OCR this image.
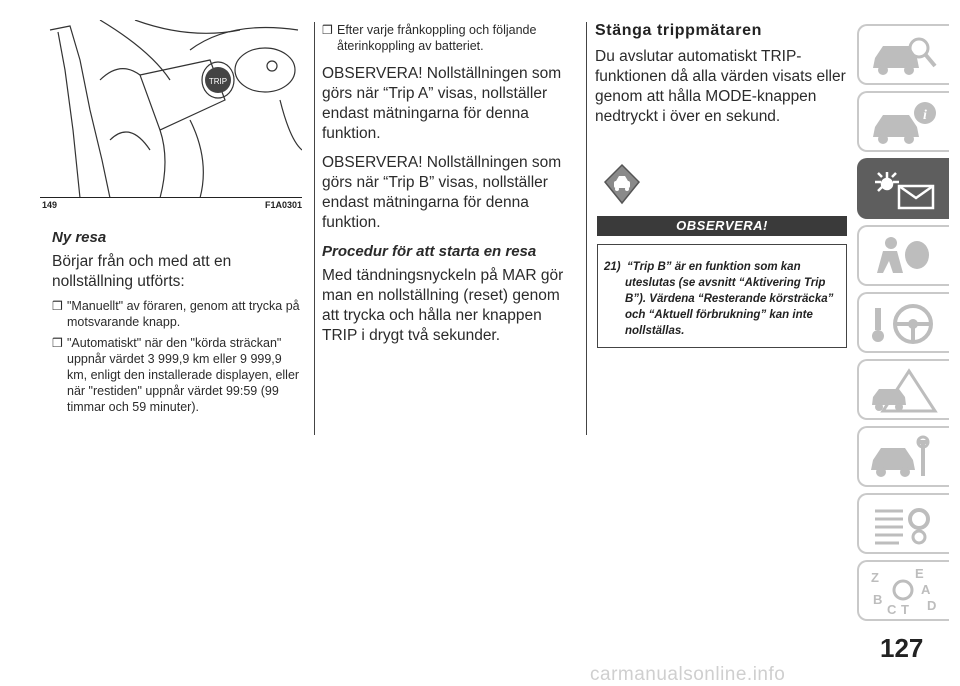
TRIP
149	F1A0301
Ny resa

Börjar från och med att en nollställning utförts:

❒ "Manuellt" av föraren, genom att trycka på motsvarande knapp.
❒ "Automatiskt" när den "körda sträckan" uppnår värdet 3 999,9 km eller 9 999,9 km, enligt den installerade displayen, eller när "restiden" uppnår värdet 99:59 (99 timmar och 59 minuter).
❒ Efter varje frånkoppling och följande återinkoppling av batteriet.

OBSERVERA! Nollställningen som görs när “Trip A” visas, nollställer endast mätningarna för denna funktion.

OBSERVERA! Nollställningen som görs när “Trip B” visas, nollställer endast mätningarna för denna funktion.

Procedur för att starta en resa

Med tändningsnyckeln på MAR gör man en nollställning (reset) genom att trycka och hålla ner knappen TRIP i drygt två sekunder.

Stänga trippmätaren

Du avslutar automatiskt TRIP-funktionen då alla värden visats eller genom att hålla MODE-knappen nedtryckt i över en sekund.

OBSERVERA!
21) “Trip B” är en funktion som kan uteslutas (se avsnitt “Aktivering Trip B”). Värdena “Resterande körsträcka” och “Aktuell förbrukning” kan inte nollställas.
i
Z	E
A
B	D
C T
127
carmanualsonline.info
